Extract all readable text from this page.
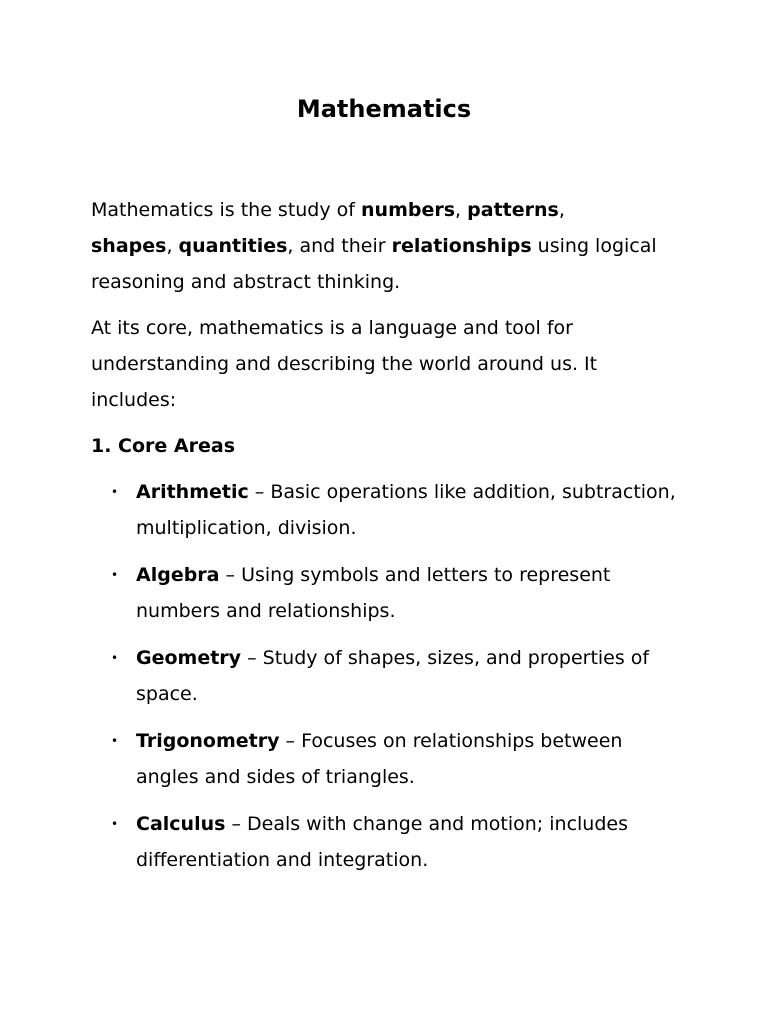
Mathematics

Mathematics is the study of numbers, patterns,
shapes, quantities, and their relationships using logical reasoning and abstract thinking.

At its core, mathematics is a language and tool for understanding and describing the world around us. It includes:

1. Core Areas
• Arithmetic – Basic operations like addition, subtraction, multiplication, division.
• Algebra – Using symbols and letters to represent numbers and relationships.
• Geometry – Study of shapes, sizes, and properties of space.
• Trigonometry – Focuses on relationships between angles and sides of triangles.
• Calculus – Deals with change and motion; includes differentiation and integration.
